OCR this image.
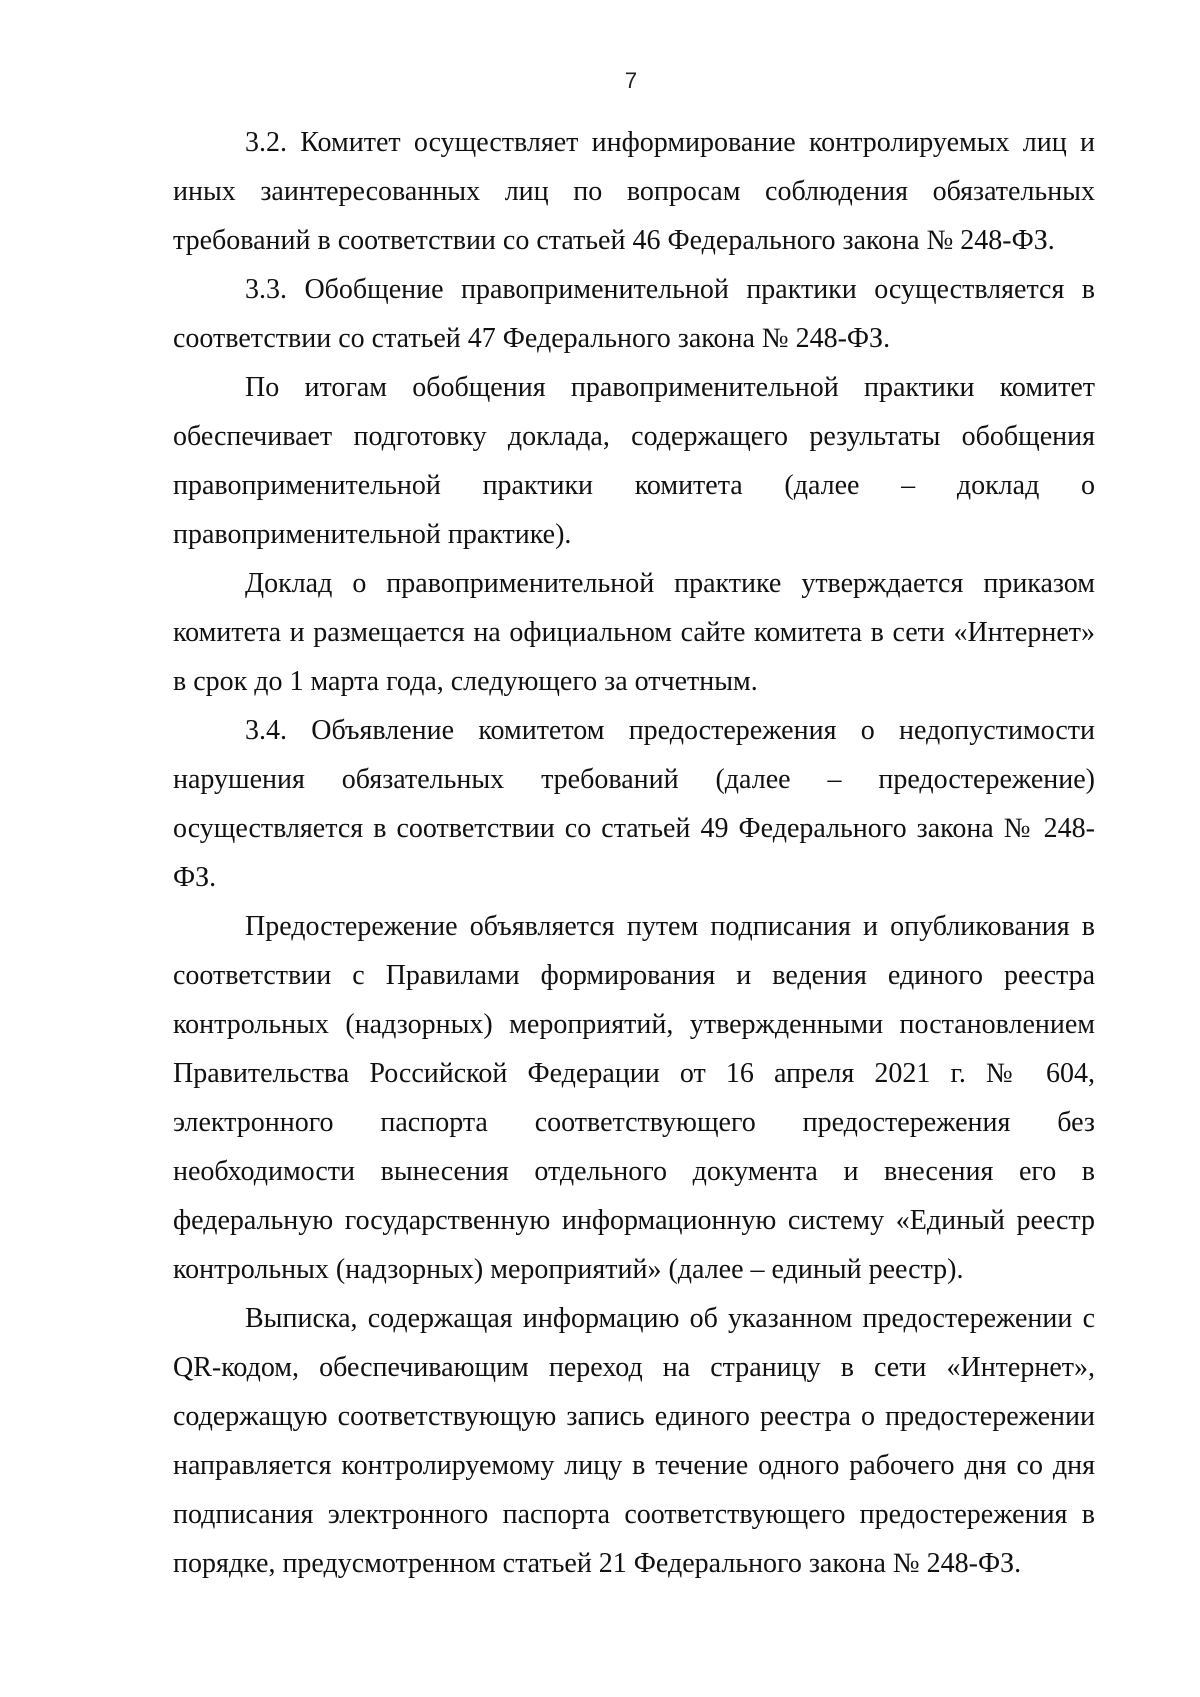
7

3.2. Комитет осуществляет информирование контролируемых лиц и иных заинтересованных лиц по вопросам соблюдения обязательных требований в соответствии со статьей 46 Федерального закона № 248-ФЗ.

3.3. Обобщение правоприменительной практики осуществляется в соответствии со статьей 47 Федерального закона № 248-ФЗ.

По итогам обобщения правоприменительной практики комитет обеспечивает подготовку доклада, содержащего результаты обобщения правоприменительной практики комитета (далее – доклад о правоприменительной практике).

Доклад о правоприменительной практике утверждается приказом комитета и размещается на официальном сайте комитета в сети «Интернет» в срок до 1 марта года, следующего за отчетным.

3.4. Объявление комитетом предостережения о недопустимости нарушения обязательных требований (далее – предостережение) осуществляется в соответствии со статьей 49 Федерального закона № 248-ФЗ.

Предостережение объявляется путем подписания и опубликования в соответствии с Правилами формирования и ведения единого реестра контрольных (надзорных) мероприятий, утвержденными постановлением Правительства Российской Федерации от 16 апреля 2021 г. № 604, электронного паспорта соответствующего предостережения без необходимости вынесения отдельного документа и внесения его в федеральную государственную информационную систему «Единый реестр контрольных (надзорных) мероприятий» (далее – единый реестр).

Выписка, содержащая информацию об указанном предостережении с QR-кодом, обеспечивающим переход на страницу в сети «Интернет», содержащую соответствующую запись единого реестра о предостережении направляется контролируемому лицу в течение одного рабочего дня со дня подписания электронного паспорта соответствующего предостережения в порядке, предусмотренном статьей 21 Федерального закона № 248-ФЗ.
